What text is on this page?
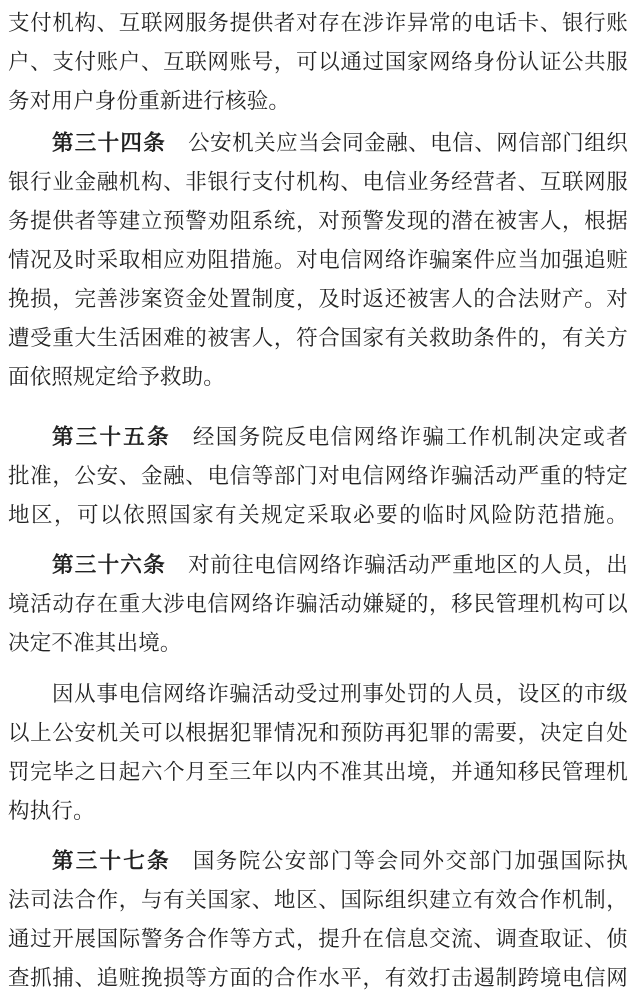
支付机构、互联网服务提供者对存在涉诈异常的电话卡、银行账
户、支付账户、互联网账号，可以通过国家网络身份认证公共服
务对用户身份重新进行核验。
第三十四条 公安机关应当会同金融、电信、网信部门组织
银行业金融机构、非银行支付机构、电信业务经营者、互联网服
务提供者等建立预警劝阻系统，对预警发现的潜在被害人，根据
情况及时采取相应劝阻措施。对电信网络诈骗案件应当加强追赃
挽损，完善涉案资金处置制度，及时返还被害人的合法财产。对
遭受重大生活困难的被害人，符合国家有关救助条件的，有关方
面依照规定给予救助。
第三十五条 经国务院反电信网络诈骗工作机制决定或者
批准，公安、金融、电信等部门对电信网络诈骗活动严重的特定
地区，可以依照国家有关规定采取必要的临时风险防范措施。
第三十六条 对前往电信网络诈骗活动严重地区的人员，出
境活动存在重大涉电信网络诈骗活动嫌疑的，移民管理机构可以
决定不准其出境。
因从事电信网络诈骗活动受过刑事处罚的人员，设区的市级
以上公安机关可以根据犯罪情况和预防再犯罪的需要，决定自处
罚完毕之日起六个月至三年以内不准其出境，并通知移民管理机
构执行。
第三十七条 国务院公安部门等会同外交部门加强国际执
法司法合作，与有关国家、地区、国际组织建立有效合作机制，
通过开展国际警务合作等方式，提升在信息交流、调查取证、侦
查抓捕、追赃挽损等方面的合作水平，有效打击遏制跨境电信网
